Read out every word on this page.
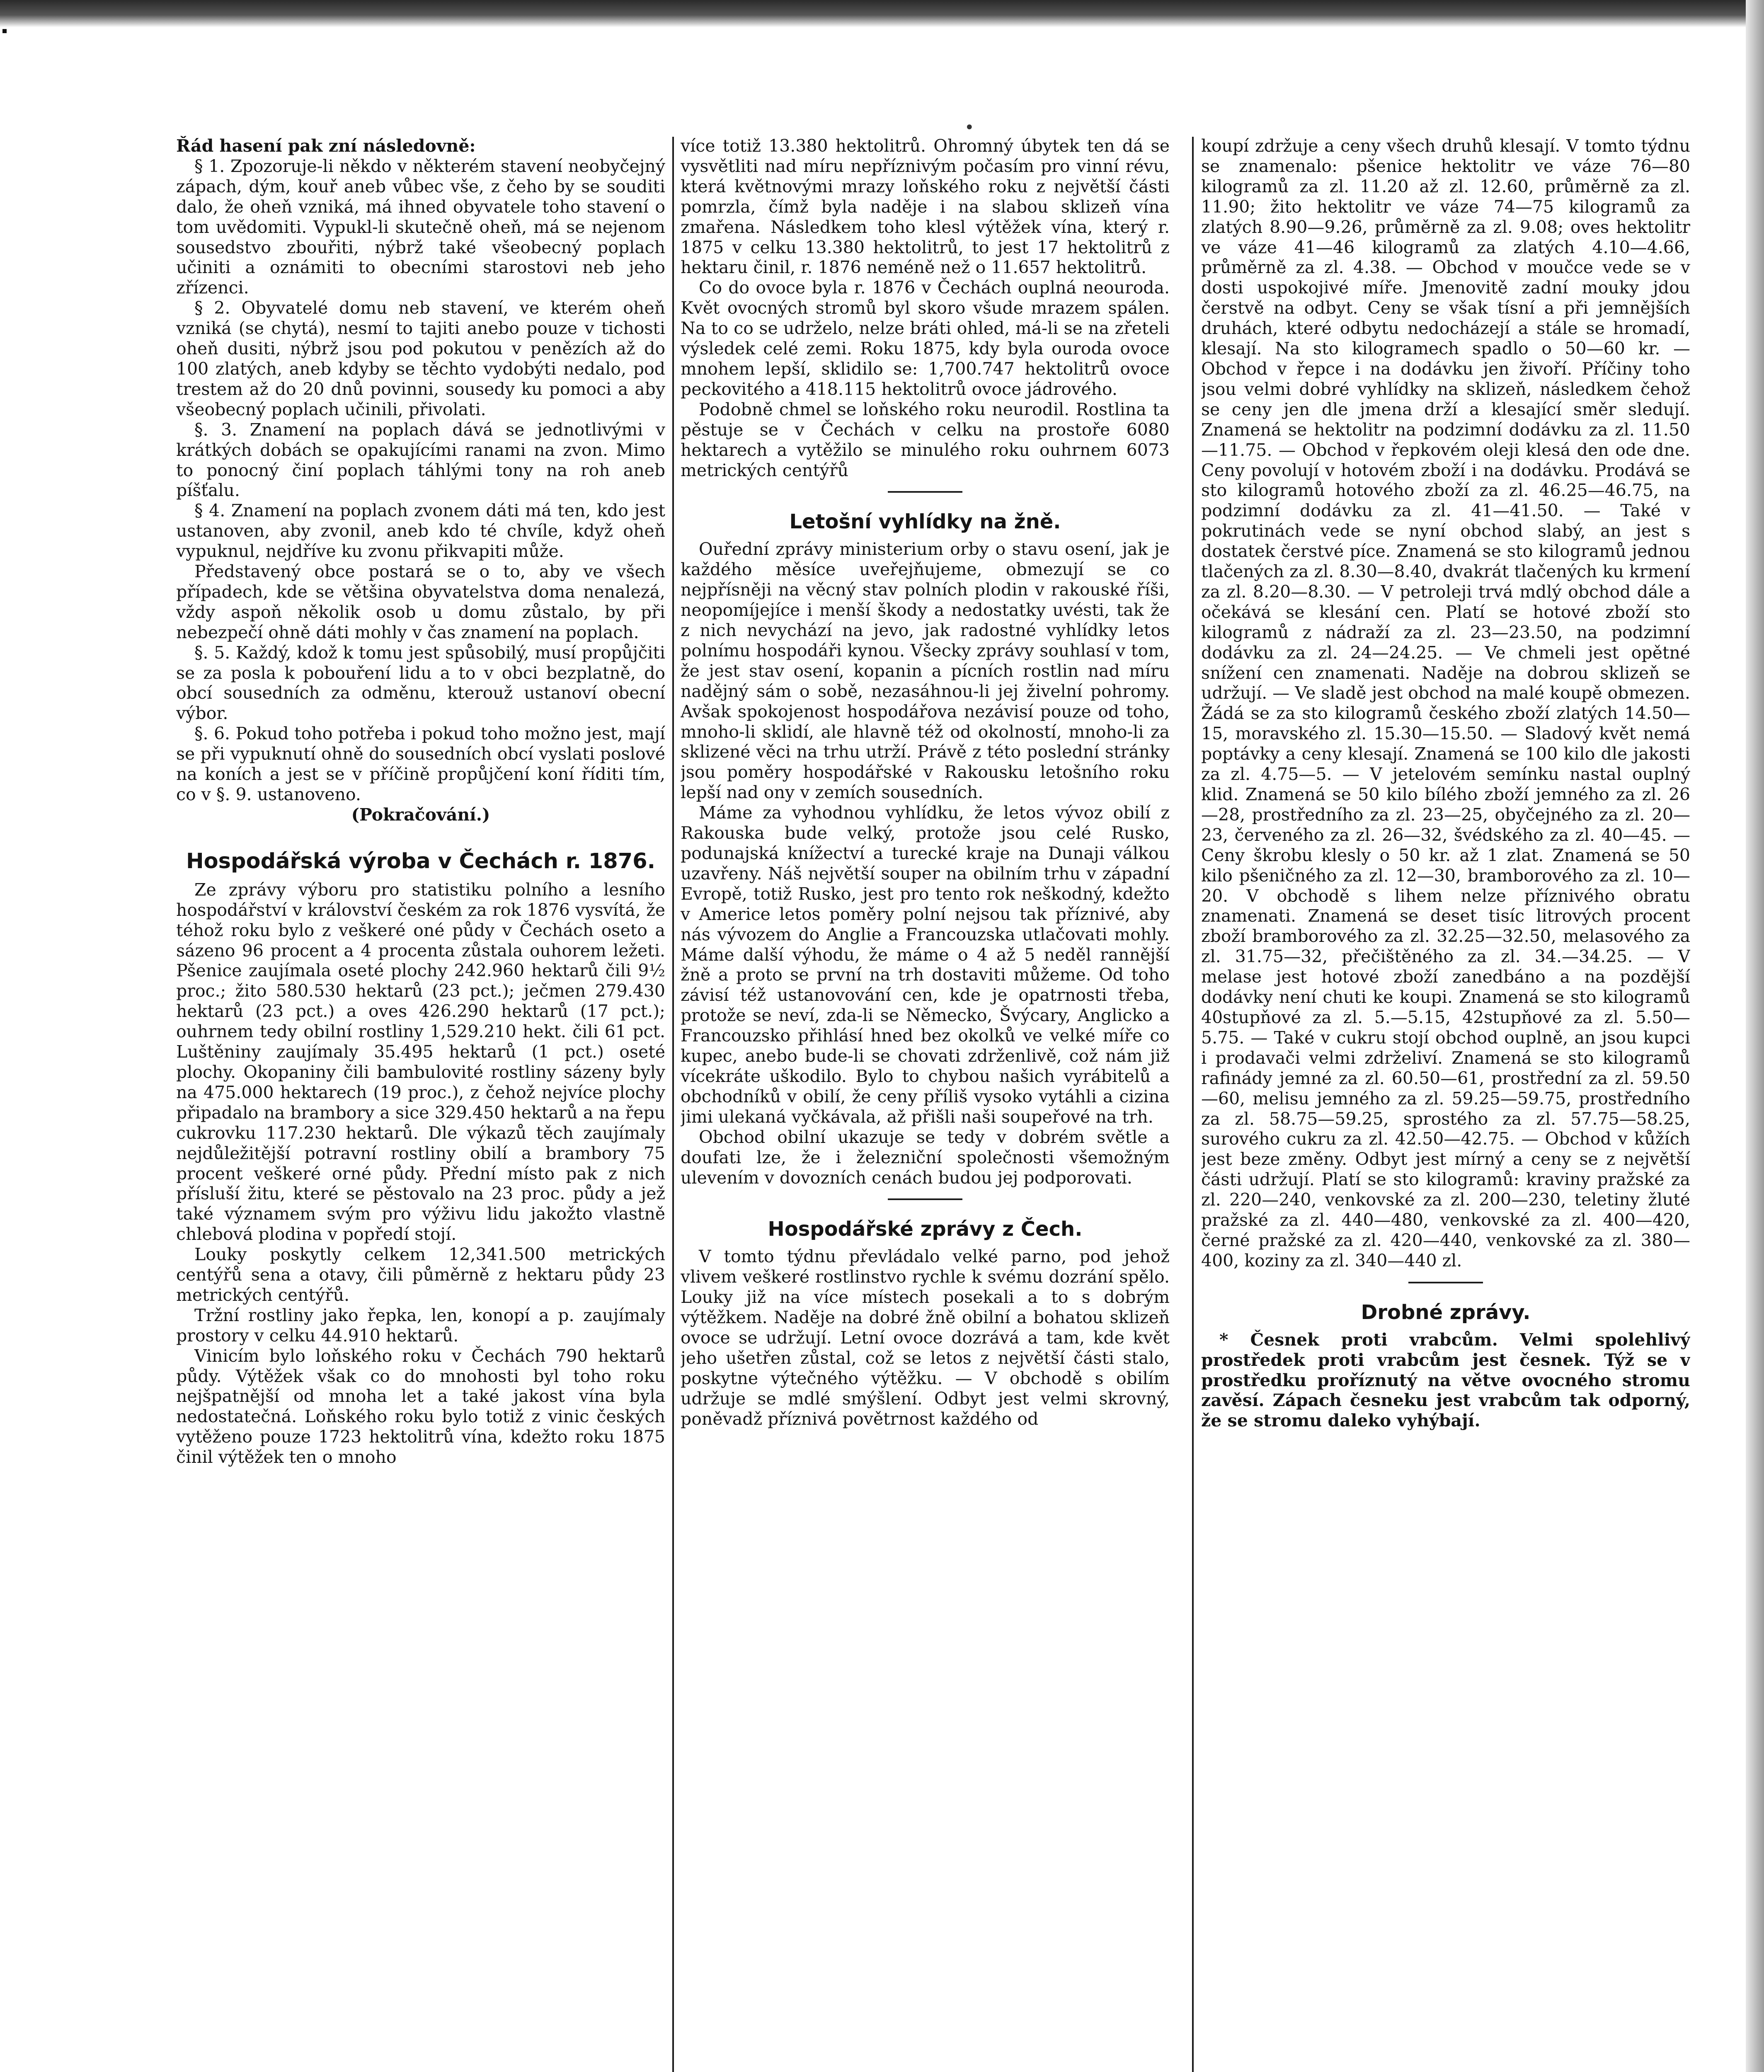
•

Řád hasení pak zní následovně:

§ 1. Zpozoruje-li někdo v některém stavení neobyčejný zápach, dým, kouř aneb vůbec vše, z čeho by se souditi dalo, že oheň vzniká, má ihned obyvatele toho stavení o tom uvědomiti. Vypukl-li skutečně oheň, má se nejenom sousedstvo zbouřiti, nýbrž také všeobecný poplach učiniti a oznámiti to obecními starostovi neb jeho zřízenci.

§ 2. Obyvatelé domu neb stavení, ve kterém oheň vzniká (se chytá), nesmí to tajiti anebo pouze v tichosti oheň dusiti, nýbrž jsou pod pokutou v penězích až do 100 zlatých, aneb kdyby se těchto vydobýti nedalo, pod trestem až do 20 dnů povinni, sousedy ku pomoci a aby všeobecný poplach učinili, přivolati.

§. 3. Znamení na poplach dává se jednotlivými v krátkých dobách se opakujícími ranami na zvon. Mimo to ponocný činí poplach táhlými tony na roh aneb píšťalu.

§ 4. Znamení na poplach zvonem dáti má ten, kdo jest ustanoven, aby zvonil, aneb kdo té chvíle, když oheň vypuknul, nejdříve ku zvonu přikvapiti může.

Představený obce postará se o to, aby ve všech případech, kde se většina obyvatelstva doma nenalezá, vždy aspoň několik osob u domu zůstalo, by při nebezpečí ohně dáti mohly v čas znamení na poplach.

§. 5. Každý, kdož k tomu jest spůsobilý, musí propůjčiti se za posla k pobouření lidu a to v obci bezplatně, do obcí sousedních za odměnu, kterouž ustanoví obecní výbor.

§. 6. Pokud toho potřeba i pokud toho možno jest, mají se při vypuknutí ohně do sousedních obcí vyslati poslové na koních a jest se v příčině propůjčení koní říditi tím, co v §. 9. ustanoveno.

(Pokračování.)

Hospodářská výroba v Čechách r. 1876.

Ze zprávy výboru pro statistiku polního a lesního hospodářství v království českém za rok 1876 vysvítá, že téhož roku bylo z veškeré oné půdy v Čechách oseto a sázeno 96 procent a 4 procenta zůstala ouhorem ležeti. Pšenice zaujímala oseté plochy 242.960 hektarů čili 9½ proc.; žito 580.530 hektarů (23 pct.); ječmen 279.430 hektarů (23 pct.) a oves 426.290 hektarů (17 pct.); ouhrnem tedy obilní rostliny 1,529.210 hekt. čili 61 pct. Luštěniny zaujímaly 35.495 hektarů (1 pct.) oseté plochy. Okopaniny čili bambulovité rostliny sázeny byly na 475.000 hektarech (19 proc.), z čehož nejvíce plochy připadalo na brambory a sice 329.450 hektarů a na řepu cukrovku 117.230 hektarů. Dle výkazů těch zaujímaly nejdůležitější potravní rostliny obilí a brambory 75 procent veškeré orné půdy. Přední místo pak z nich přísluší žitu, které se pěstovalo na 23 proc. půdy a jež také významem svým pro výživu lidu jakožto vlastně chlebová plodina v popředí stojí.

Louky poskytly celkem 12,341.500 metrických centýřů sena a otavy, čili půměrně z hektaru půdy 23 metrických centýřů.

Tržní rostliny jako řepka, len, konopí a p. zaujímaly prostory v celku 44.910 hektarů.

Vinicím bylo loňského roku v Čechách 790 hektarů půdy. Výtěžek však co do mnohosti byl toho roku nejšpatnější od mnoha let a také jakost vína byla nedostatečná. Loňského roku bylo totiž z vinic českých vytěženo pouze 1723 hektolitrů vína, kdežto roku 1875 činil výtěžek ten o mnoho

více totiž 13.380 hektolitrů. Ohromný úbytek ten dá se vysvětliti nad míru nepříznivým počasím pro vinní révu, která květnovými mrazy loňského roku z největší části pomrzla, čímž byla naděje i na slabou sklizeň vína zmařena. Následkem toho klesl výtěžek vína, který r. 1875 v celku 13.380 hektolitrů, to jest 17 hektolitrů z hektaru činil, r. 1876 neméně než o 11.657 hektolitrů.

Co do ovoce byla r. 1876 v Čechách ouplná neouroda. Květ ovocných stromů byl skoro všude mrazem spálen. Na to co se udrželo, nelze bráti ohled, má-li se na zřeteli výsledek celé zemi. Roku 1875, kdy byla ouroda ovoce mnohem lepší, sklidilo se: 1,700.747 hektolitrů ovoce peckovitého a 418.115 hektolitrů ovoce jádrového.

Podobně chmel se loňského roku neurodil. Rostlina ta pěstuje se v Čechách v celku na prostoře 6080 hektarech a vytěžilo se minulého roku ouhrnem 6073 metrických centýřů

Letošní vyhlídky na žně.

Ouřední zprávy ministerium orby o stavu osení, jak je každého měsíce uveřejňujeme, obmezují se co nejpřísněji na věcný stav polních plodin v rakouské říši, neopomíjejíce i menší škody a nedostatky uvésti, tak že z nich nevychází na jevo, jak radostné vyhlídky letos polnímu hospodáři kynou. Všecky zprávy souhlasí v tom, že jest stav osení, kopanin a pícních rostlin nad míru nadějný sám o sobě, nezasáhnou-li jej živelní pohromy. Avšak spokojenost hospodářova nezávisí pouze od toho, mnoho-li sklidí, ale hlavně též od okolností, mnoho-li za sklizené věci na trhu utrží. Právě z této poslední stránky jsou poměry hospodářské v Rakousku letošního roku lepší nad ony v zemích sousedních.

Máme za vyhodnou vyhlídku, že letos vývoz obilí z Rakouska bude velký, protože jsou celé Rusko, podunajská knížectví a turecké kraje na Dunaji válkou uzavřeny. Náš největší souper na obilním trhu v západní Evropě, totiž Rusko, jest pro tento rok neškodný, kdežto v Americe letos poměry polní nejsou tak příznivé, aby nás vývozem do Anglie a Francouzska utlačovati mohly. Máme další výhodu, že máme o 4 až 5 neděl rannější žně a proto se první na trh dostaviti můžeme. Od toho závisí též ustanovování cen, kde je opatrnosti třeba, protože se neví, zda-li se Německo, Švýcary, Anglicko a Francouzsko přihlásí hned bez okolků ve velké míře co kupec, anebo bude-li se chovati zdrženlivě, což nám již vícekráte uškodilo. Bylo to chybou našich vyrábitelů a obchodníků v obilí, že ceny příliš vysoko vytáhli a cizina jimi ulekaná vyčkávala, až přišli naši soupeřové na trh.

Obchod obilní ukazuje se tedy v dobrém světle a doufati lze, že i železniční společnosti všemožným ulevením v dovozních cenách budou jej podporovati.

Hospodářské zprávy z Čech.

V tomto týdnu převládalo velké parno, pod jehož vlivem veškeré rostlinstvo rychle k svému dozrání spělo. Louky již na více místech posekali a to s dobrým výtěžkem. Naděje na dobré žně obilní a bohatou sklizeň ovoce se udržují. Letní ovoce dozrává a tam, kde květ jeho ušetřen zůstal, což se letos z největší části stalo, poskytne výtečného výtěžku. — V obchodě s obilím udržuje se mdlé smýšlení. Odbyt jest velmi skrovný, poněvadž příznivá povětrnost každého od

koupí zdržuje a ceny všech druhů klesají. V tomto týdnu se znamenalo: pšenice hektolitr ve váze 76—80 kilogramů za zl. 11.20 až zl. 12.60, průměrně za zl. 11.90; žito hektolitr ve váze 74—75 kilogramů za zlatých 8.90—9.26, průměrně za zl. 9.08; oves hektolitr ve váze 41—46 kilogramů za zlatých 4.10—4.66, průměrně za zl. 4.38. — Obchod v moučce vede se v dosti uspokojivé míře. Jmenovitě zadní mouky jdou čerstvě na odbyt. Ceny se však tísní a při jemnějších druhách, které odbytu nedocházejí a stále se hromadí, klesají. Na sto kilogramech spadlo o 50—60 kr. — Obchod v řepce i na dodávku jen živoří. Příčiny toho jsou velmi dobré vyhlídky na sklizeň, následkem čehož se ceny jen dle jmena drží a klesající směr sledují. Znamená se hektolitr na podzimní dodávku za zl. 11.50—11.75. — Obchod v řepkovém oleji klesá den ode dne. Ceny povolují v hotovém zboží i na dodávku. Prodává se sto kilogramů hotového zboží za zl. 46.25—46.75, na podzimní dodávku za zl. 41—41.50. — Také v pokrutinách vede se nyní obchod slabý, an jest s dostatek čerstvé píce. Znamená se sto kilogramů jednou tlačených za zl. 8.30—8.40, dvakrát tlačených ku krmení za zl. 8.20—8.30. — V petroleji trvá mdlý obchod dále a očekává se klesání cen. Platí se hotové zboží sto kilogramů z nádraží za zl. 23—23.50, na podzimní dodávku za zl. 24—24.25. — Ve chmeli jest opětné snížení cen znamenati. Naděje na dobrou sklizeň se udržují. — Ve sladě jest obchod na malé koupě obmezen. Žádá se za sto kilogramů českého zboží zlatých 14.50—15, moravského zl. 15.30—15.50. — Sladový květ nemá poptávky a ceny klesají. Znamená se 100 kilo dle jakosti za zl. 4.75—5. — V jetelovém semínku nastal ouplný klid. Znamená se 50 kilo bílého zboží jemného za zl. 26—28, prostředního za zl. 23—25, obyčejného za zl. 20—23, červeného za zl. 26—32, švédského za zl. 40—45. — Ceny škrobu klesly o 50 kr. až 1 zlat. Znamená se 50 kilo pšeničného za zl. 12—30, bramborového za zl. 10—20. V obchodě s lihem nelze příznivého obratu znamenati. Znamená se deset tisíc litrových procent zboží bramborového za zl. 32.25—32.50, melasového za zl. 31.75—32, přečištěného za zl. 34.—34.25. — V melase jest hotové zboží zanedbáno a na pozdější dodávky není chuti ke koupi. Znamená se sto kilogramů 40stupňové za zl. 5.—5.15, 42stupňové za zl. 5.50—5.75. — Také v cukru stojí obchod ouplně, an jsou kupci i prodavači velmi zdrželiví. Znamená se sto kilogramů rafinády jemné za zl. 60.50—61, prostřední za zl. 59.50—60, melisu jemného za zl. 59.25—59.75, prostředního za zl. 58.75—59.25, sprostého za zl. 57.75—58.25, surového cukru za zl. 42.50—42.75. — Obchod v kůžích jest beze změny. Odbyt jest mírný a ceny se z největší části udržují. Platí se sto kilogramů: kraviny pražské za zl. 220—240, venkovské za zl. 200—230, teletiny žluté pražské za zl. 440—480, venkovské za zl. 400—420, černé pražské za zl. 420—440, venkovské za zl. 380—400, koziny za zl. 340—440 zl.

Drobné zprávy.

* Česnek proti vrabcům. Velmi spolehlivý prostředek proti vrabcům jest česnek. Týž se v prostředku proříznutý na větve ovocného stromu zavěsí. Zápach česneku jest vrabcům tak odporný, že se stromu daleko vyhýbají.
